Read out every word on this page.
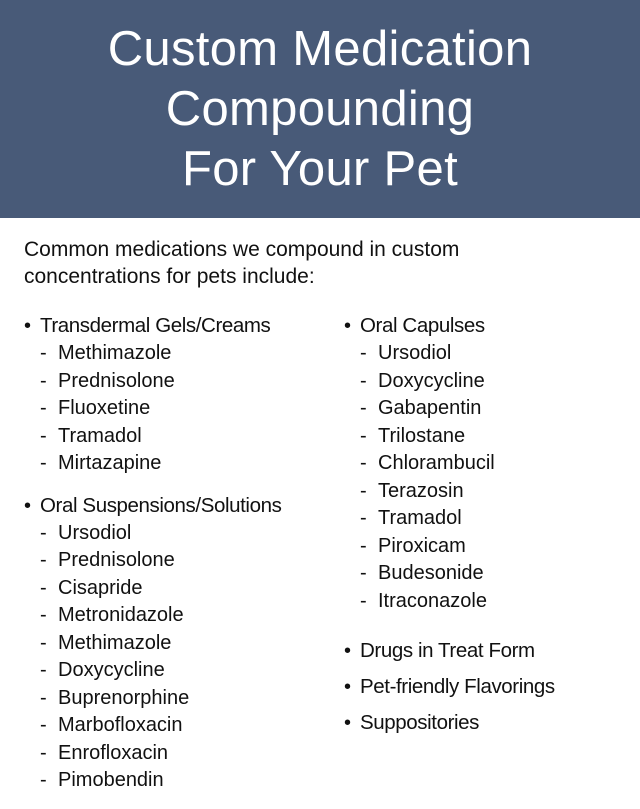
Custom Medication
Compounding
For Your Pet

Common medications we compound in custom
concentrations for pets include:

• Transdermal Gels/Creams
- Methimazole
- Prednisolone
- Fluoxetine
- Tramadol
- Mirtazapine
• Oral Suspensions/Solutions
- Ursodiol
- Prednisolone
- Cisapride
- Metronidazole
- Methimazole
- Doxycycline
- Buprenorphine
- Marbofloxacin
- Enrofloxacin
- Pimobendin
• Oral Capulses
- Ursodiol
- Doxycycline
- Gabapentin
- Trilostane
- Chlorambucil
- Terazosin
- Tramadol
- Piroxicam
- Budesonide
- Itraconazole
• Drugs in Treat Form
• Pet-friendly Flavorings
• Suppositories
